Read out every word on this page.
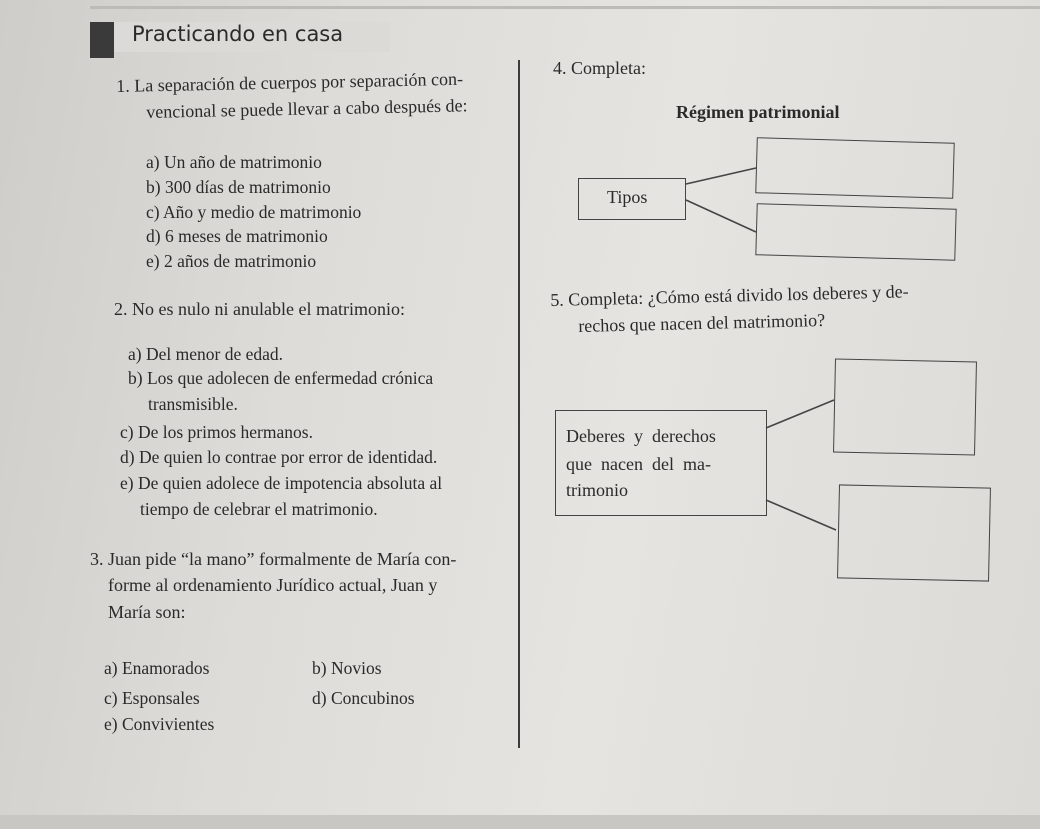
Practicando en casa
1. La separación de cuerpos por separación con-
vencional se puede llevar a cabo después de:
a) Un año de matrimonio
b) 300 días de matrimonio
c) Año y medio de matrimonio
d) 6 meses de matrimonio
e) 2 años de matrimonio
2. No es nulo ni anulable el matrimonio:
a) Del menor de edad.
b) Los que adolecen de enfermedad crónica
transmisible.
c) De los primos hermanos.
d) De quien lo contrae por error de identidad.
e) De quien adolece de impotencia absoluta al
tiempo de celebrar el matrimonio.
3. Juan pide “la mano” formalmente de María con-
forme al ordenamiento Jurídico actual, Juan y
María son:
a) Enamorados	b) Novios
c) Esponsales	d) Concubinos
e) Convivientes
4. Completa:
Régimen patrimonial
Tipos
5. Completa: ¿Cómo está divido los deberes y de-
rechos que nacen del matrimonio?
Deberes  y  derechos
que  nacen  del  ma-
trimonio
